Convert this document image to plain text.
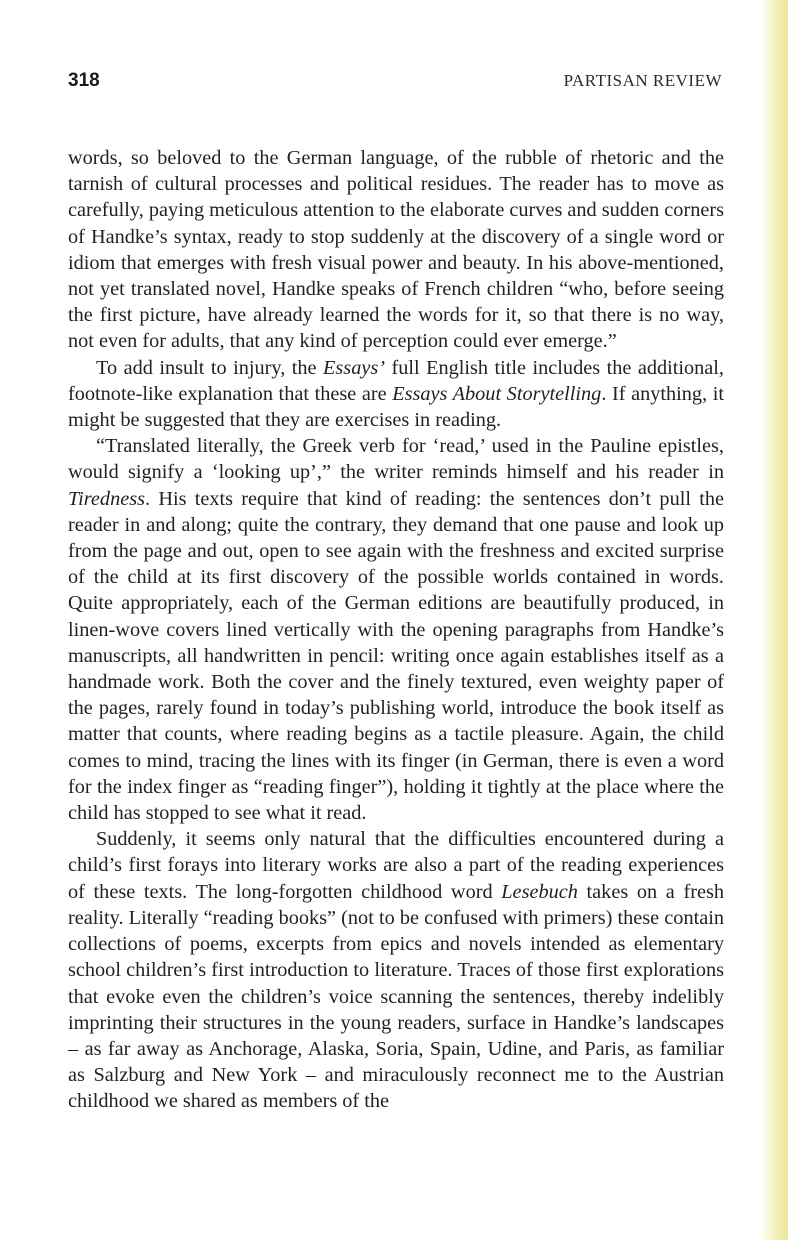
318	PARTISAN REVIEW

words, so beloved to the German language, of the rubble of rhetoric and the tarnish of cultural processes and political residues. The reader has to move as carefully, paying meticulous attention to the elaborate curves and sudden corners of Handke’s syntax, ready to stop suddenly at the discovery of a single word or idiom that emerges with fresh visual power and beauty. In his above-mentioned, not yet translated novel, Handke speaks of French children “who, before seeing the first picture, have already learned the words for it, so that there is no way, not even for adults, that any kind of perception could ever emerge.”

To add insult to injury, the Essays’ full English title includes the additional, footnote-like explanation that these are Essays About Storytelling. If anything, it might be suggested that they are exercises in reading.

“Translated literally, the Greek verb for ‘read,’ used in the Pauline epistles, would signify a ‘looking up’,” the writer reminds himself and his reader in Tiredness. His texts require that kind of reading: the sentences don’t pull the reader in and along; quite the contrary, they demand that one pause and look up from the page and out, open to see again with the freshness and excited surprise of the child at its first discovery of the possible worlds contained in words. Quite appropriately, each of the German editions are beautifully produced, in linen-wove covers lined vertically with the opening paragraphs from Handke’s manuscripts, all handwritten in pencil: writing once again establishes itself as a handmade work. Both the cover and the finely textured, even weighty paper of the pages, rarely found in today’s publishing world, introduce the book itself as matter that counts, where reading begins as a tactile pleasure. Again, the child comes to mind, tracing the lines with its finger (in German, there is even a word for the index finger as “reading finger”), holding it tightly at the place where the child has stopped to see what it read.

Suddenly, it seems only natural that the difficulties encountered during a child’s first forays into literary works are also a part of the reading experiences of these texts. The long-forgotten childhood word Lesebuch takes on a fresh reality. Literally “reading books” (not to be confused with primers) these contain collections of poems, excerpts from epics and novels intended as elementary school children’s first introduction to literature. Traces of those first explorations that evoke even the children’s voice scanning the sentences, thereby indelibly imprinting their structures in the young readers, surface in Handke’s landscapes – as far away as Anchorage, Alaska, Soria, Spain, Udine, and Paris, as familiar as Salzburg and New York – and miraculously reconnect me to the Austrian childhood we shared as members of the
